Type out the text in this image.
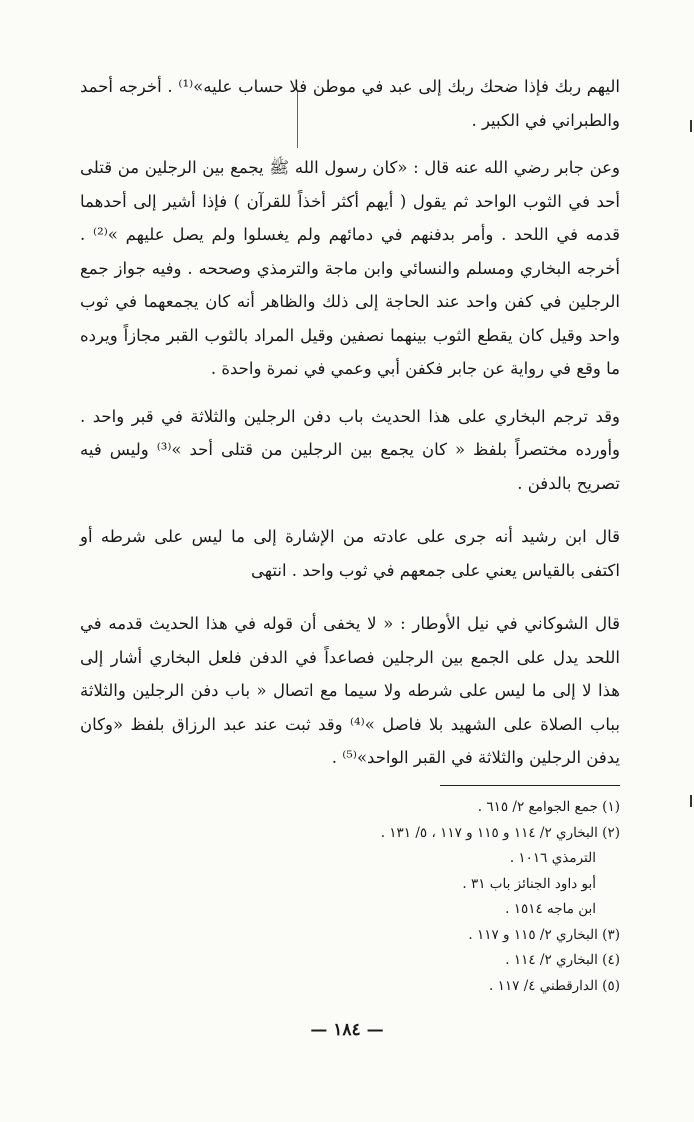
اليهم ربك فإذا ضحك ربك إلى عبد في موطن فلا حساب عليه»⁽¹⁾ . أخرجه أحمد والطبراني في الكبير .

وعن جابر رضي الله عنه قال : «كان رسول الله ﷺ يجمع بين الرجلين من قتلى أحد في الثوب الواحد ثم يقول ( أيهم أكثر أخذاً للقرآن ) فإذا أشير إلى أحدهما قدمه في اللحد . وأمر بدفنهم في دمائهم ولم يغسلوا ولم يصل عليهم »⁽²⁾ . أخرجه البخاري ومسلم والنسائي وابن ماجة والترمذي وصححه . وفيه جواز جمع الرجلين في كفن واحد عند الحاجة إلى ذلك والظاهر أنه كان يجمعهما في ثوب واحد وقيل كان يقطع الثوب بينهما نصفين وقيل المراد بالثوب القبر مجازاً ويرده ما وقع في رواية عن جابر فكفن أبي وعمي في نمرة واحدة .

وقد ترجم البخاري على هذا الحديث باب دفن الرجلين والثلاثة في قبر واحد . وأورده مختصراً بلفظ « كان يجمع بين الرجلين من قتلى أحد »⁽³⁾ وليس فيه تصريح بالدفن .

قال ابن رشيد أنه جرى على عادته من الإشارة إلى ما ليس على شرطه أو اكتفى بالقياس يعني على جمعهم في ثوب واحد . انتهى

قال الشوكاني في نيل الأوطار : « لا يخفى أن قوله في هذا الحديث قدمه في اللحد يدل على الجمع بين الرجلين فصاعداً في الدفن فلعل البخاري أشار إلى هذا لا إلى ما ليس على شرطه ولا سيما مع اتصال « باب دفن الرجلين والثلاثة بباب الصلاة على الشهيد بلا فاصل »⁽⁴⁾ وقد ثبت عند عبد الرزاق بلفظ «وكان يدفن الرجلين والثلاثة في القبر الواحد»⁽⁵⁾ .

(١) جمع الجوامع ٢/ ٦١٥ .
(٢) البخاري ٢/ ١١٤ و ١١٥ و ١١٧ ، ٥/ ١٣١ .
الترمذي ١٠١٦ .
أبو داود الجنائز باب ٣١ .
ابن ماجه ١٥١٤ .
(٣) البخاري ٢/ ١١٥ و ١١٧ .
(٤) البخاري ٢/ ١١٤ .
(٥) الدارقطني ٤/ ١١٧ .
— ١٨٤ —
